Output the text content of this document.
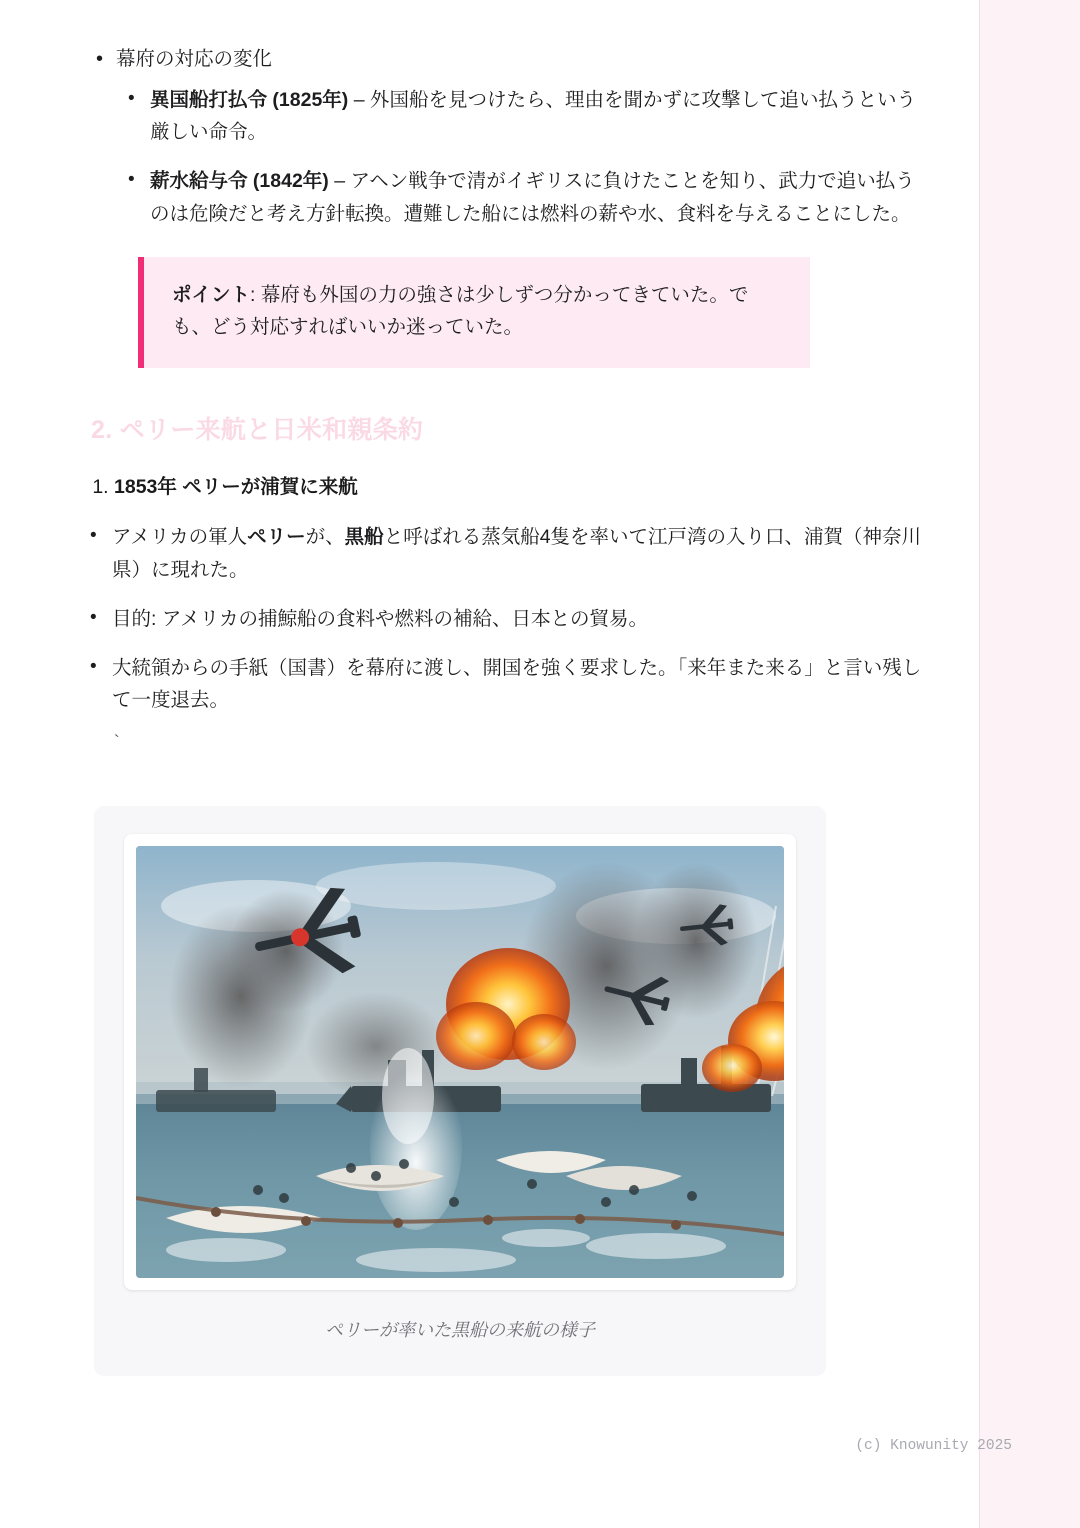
• 幕府の対応の変化
• 異国船打払令 (1825年) – 外国船を見つけたら、理由を聞かずに攻撃して追い払うという厳しい命令。
• 薪水給与令 (1842年) – アヘン戦争で清がイギリスに負けたことを知り、武力で追い払うのは危険だと考え方針転換。遭難した船には燃料の薪や水、食料を与えることにした。

ポイント: 幕府も外国の力の強さは少しずつ分かってきていた。でも、どう対応すればいいか迷っていた。

2. ペリー来航と日米和親条約
1. 1853年 ペリーが浦賀に来航
• アメリカの軍人ペリーが、黒船と呼ばれる蒸気船4隻を率いて江戸湾の入り口、浦賀（神奈川県）に現れた。
• 目的: アメリカの捕鯨船の食料や燃料の補給、日本との貿易。
• 大統領からの手紙（国書）を幕府に渡し、開国を強く要求した。「来年また来る」と言い残して一度退去。
`
ペリーが率いた黒船の来航の様子
(c) Knowunity 2025
